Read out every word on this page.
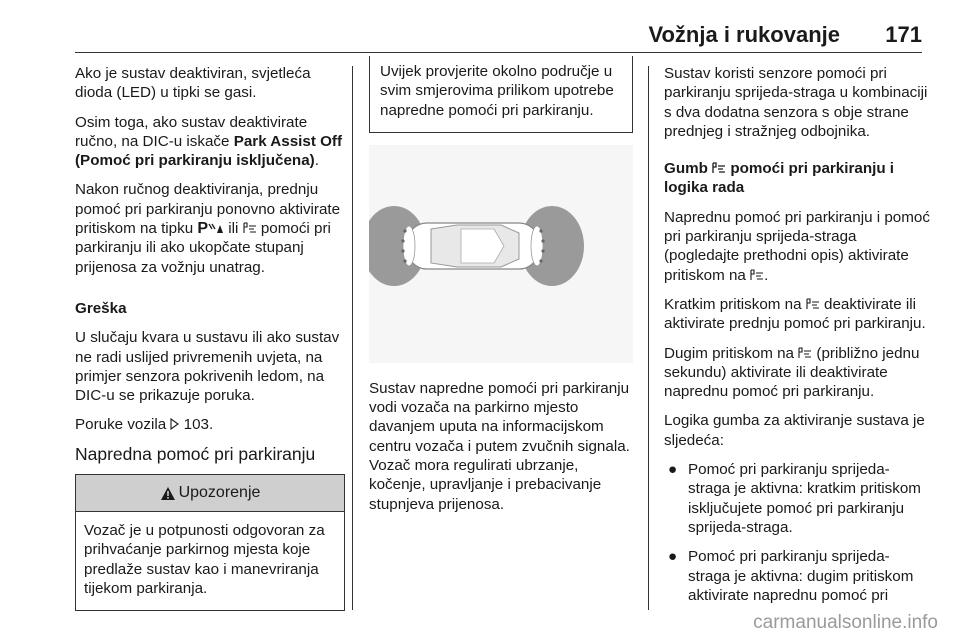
Vožnja i rukovanje 171

Ako je sustav deaktiviran, svjetleća dioda (LED) u tipki se gasi.

Osim toga, ako sustav deaktivirate ručno, na DIC-u iskače Park Assist Off (Pomoć pri parkiranju isključena).

Nakon ručnog deaktiviranja, prednju pomoć pri parkiranju ponovno aktivirate pritiskom na tipku P ili  pomoći pri parkiranju ili ako ukopčate stupanj prijenosa za vožnju unatrag.

Greška

U slučaju kvara u sustavu ili ako sustav ne radi uslijed privremenih uvjeta, na primjer senzora pokrivenih ledom, na DIC-u se prikazuje poruka.

Poruke vozila  103.

Napredna pomoć pri parkiranju

Upozorenje
Vozač je u potpunosti odgovoran za prihvaćanje parkirnog mjesta koje predlaže sustav kao i manevriranja tijekom parkiranja.
Uvijek provjerite okolno područje u svim smjerovima prilikom upotrebe napredne pomoći pri parkiranju.

Sustav napredne pomoći pri parkiranju vodi vozača na parkirno mjesto davanjem uputa na informacijskom centru vozača i putem zvučnih signala. Vozač mora regulirati ubrzanje, kočenje, upravljanje i prebacivanje stupnjeva prijenosa.

Sustav koristi senzore pomoći pri parkiranju sprijeda-straga u kombinaciji s dva dodatna senzora s obje strane prednjeg i stražnjeg odbojnika.

Gumb  pomoći pri parkiranju i logika rada

Naprednu pomoć pri parkiranju i pomoć pri parkiranju sprijeda-straga (pogledajte prethodni opis) aktivirate pritiskom na .

Kratkim pritiskom na  deaktivirate ili aktivirate prednju pomoć pri parkiranju.

Dugim pritiskom na  (približno jednu sekundu) aktivirate ili deaktivirate naprednu pomoć pri parkiranju.

Logika gumba za aktiviranje sustava je sljedeća:

● Pomoć pri parkiranju sprijeda-straga je aktivna: kratkim pritiskom isključujete pomoć pri parkiranju sprijeda-straga.
● Pomoć pri parkiranju sprijeda-straga je aktivna: dugim pritiskom aktivirate naprednu pomoć pri
carmanualsonline.info
